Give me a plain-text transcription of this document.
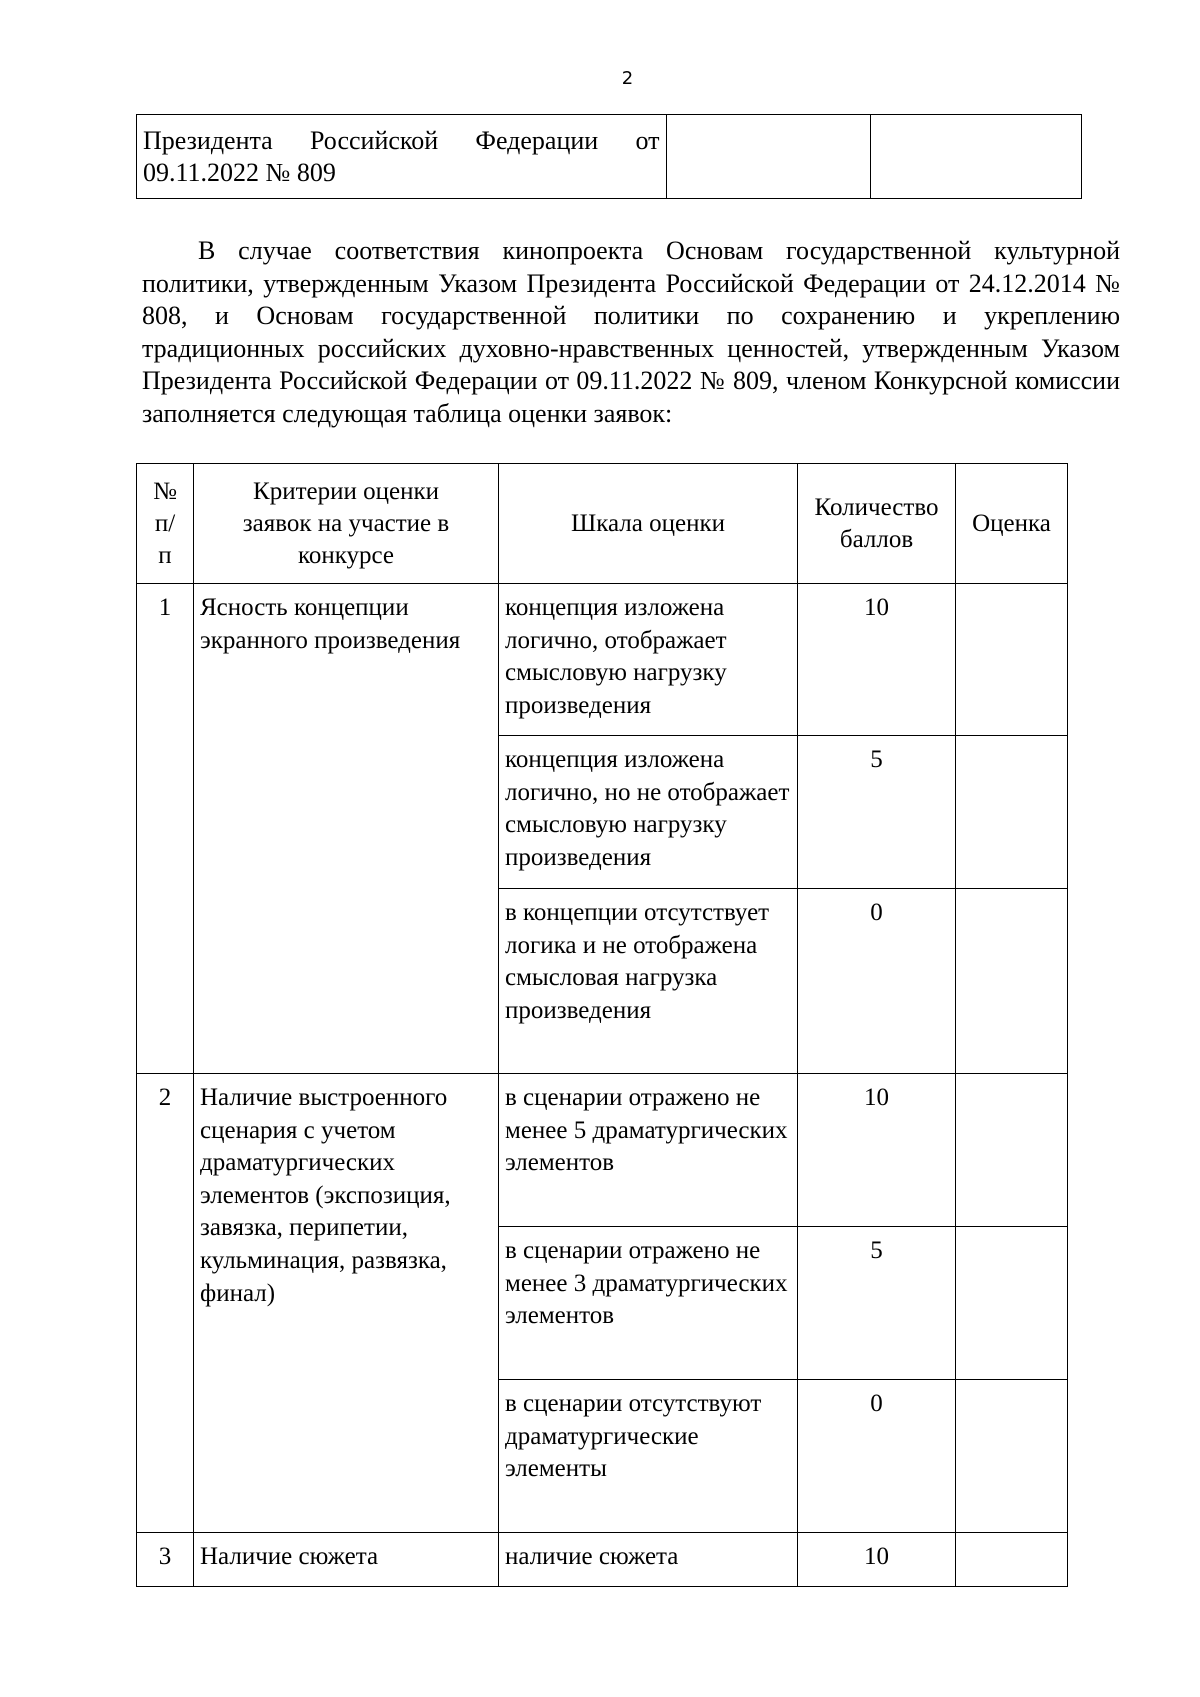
2
Президента Российской Федерации от 09.11.2022 № 809		

В случае соответствия кинопроекта Основам государственной культурной политики, утвержденным Указом Президента Российской Федерации от 24.12.2014 № 808, и Основам государственной политики по сохранению и укреплению традиционных российских духовно-нравственных ценностей, утвержденным Указом Президента Российской Федерации от 09.11.2022 № 809, членом Конкурсной комиссии заполняется следующая таблица оценки заявок:

№ п/п	Критерии оценки заявок на участие в конкурсе	Шкала оценки	Количество баллов	Оценка
1	Ясность концепции экранного произведения	концепция изложена логично, отображает смысловую нагрузку произведения	10	
		концепция изложена логично, но не отображает смысловую нагрузку произведения	5	
		в концепции отсутствует логика и не отображена смысловая нагрузка произведения	0	
2	Наличие выстроенного сценария с учетом драматургических элементов (экспозиция, завязка, перипетии, кульминация, развязка, финал)	в сценарии отражено не менее 5 драматургических элементов	10	
		в сценарии отражено не менее 3 драматургических элементов	5	
		в сценарии отсутствуют драматургические элементы	0	
3	Наличие сюжета	наличие сюжета	10	
